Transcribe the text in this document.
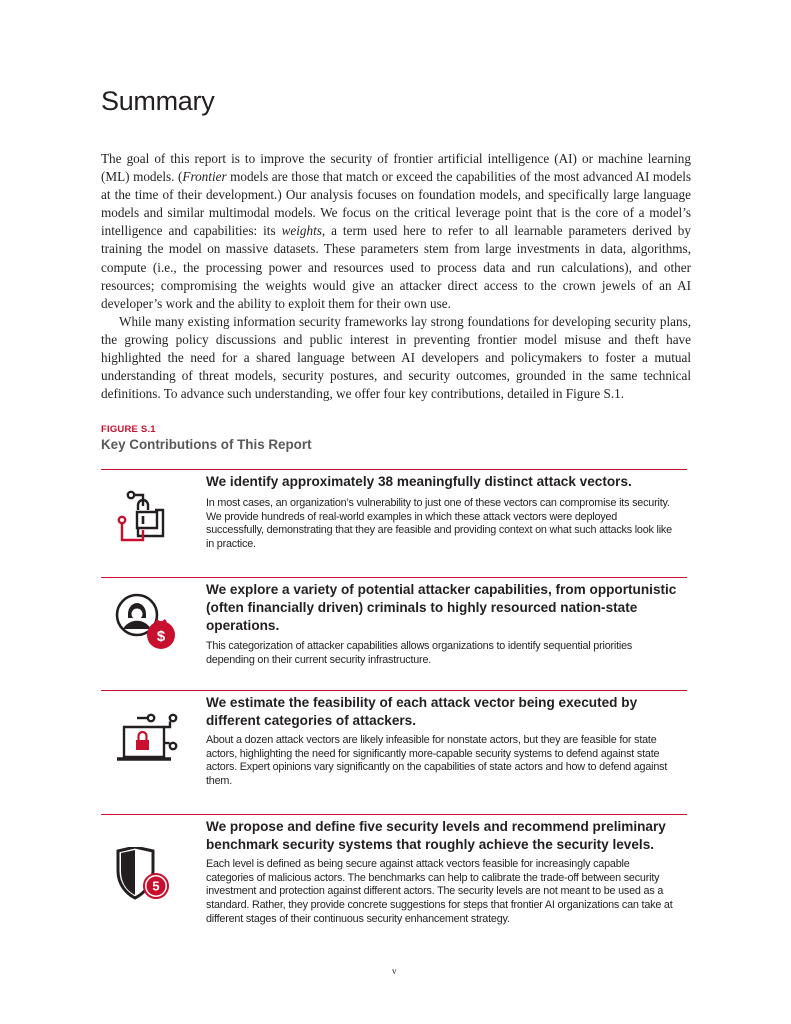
Summary

The goal of this report is to improve the security of frontier artificial intelligence (AI) or machine learning (ML) models. (Frontier models are those that match or exceed the capabilities of the most advanced AI models at the time of their development.) Our analysis focuses on foundation models, and specifically large language models and similar multimodal models. We focus on the critical leverage point that is the core of a model’s intelligence and capabilities: its weights, a term used here to refer to all learnable parameters derived by training the model on massive datasets. These parameters stem from large investments in data, algorithms, compute (i.e., the processing power and resources used to process data and run calculations), and other resources; compromising the weights would give an attacker direct access to the crown jewels of an AI developer’s work and the ability to exploit them for their own use.

While many existing information security frameworks lay strong foundations for developing security plans, the growing policy discussions and public interest in preventing frontier model misuse and theft have highlighted the need for a shared language between AI developers and policymakers to foster a mutual understanding of threat models, security postures, and security outcomes, grounded in the same technical definitions. To advance such understanding, we offer four key contributions, detailed in Figure S.1.

FIGURE S.1
Key Contributions of This Report

We identify approximately 38 meaningfully distinct attack vectors.

In most cases, an organization’s vulnerability to just one of these vectors can compromise its security. We provide hundreds of real-world examples in which these attack vectors were deployed successfully, demonstrating that they are feasible and providing context on what such attacks look like in practice.

$

We explore a variety of potential attacker capabilities, from opportunistic (often financially driven) criminals to highly resourced nation-state operations.

This categorization of attacker capabilities allows organizations to identify sequential priorities depending on their current security infrastructure.

We estimate the feasibility of each attack vector being executed by different categories of attackers.

About a dozen attack vectors are likely infeasible for nonstate actors, but they are feasible for state actors, highlighting the need for significantly more-capable security systems to defend against state actors. Expert opinions vary significantly on the capabilities of state actors and how to defend against them.

5

We propose and define five security levels and recommend preliminary benchmark security systems that roughly achieve the security levels.

Each level is defined as being secure against attack vectors feasible for increasingly capable categories of malicious actors. The benchmarks can help to calibrate the trade-off between security investment and protection against different actors. The security levels are not meant to be used as a standard. Rather, they provide concrete suggestions for steps that frontier AI organizations can take at different stages of their continuous security enhancement strategy.

v
